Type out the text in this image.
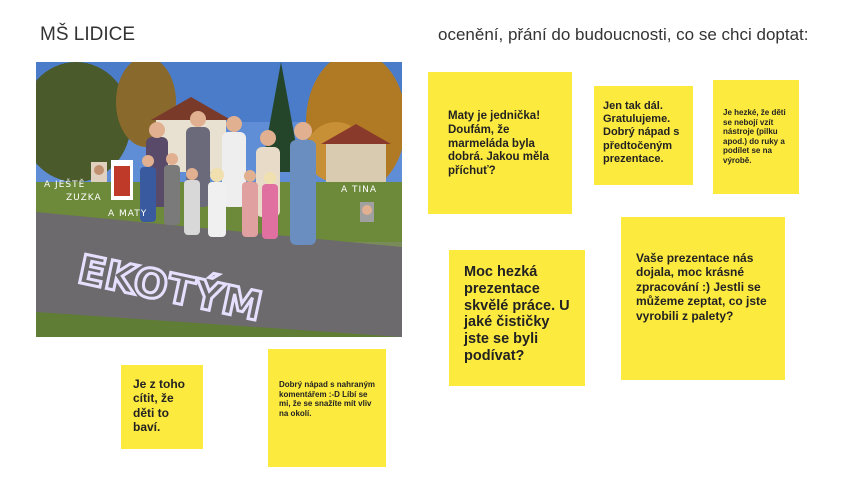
MŠ LIDICE	ocenění, přání do budoucnosti, co se chci doptat:
EKOTÝM
A JEŠTĚ
ZUZKA
A MATY
A TINA
Maty je jednička! Doufám, že marmeláda byla dobrá. Jakou měla příchuť?
Jen tak dál. Gratulujeme. Dobrý nápad s předtočeným prezentace.
Je hezké, že děti se nebojí vzít nástroje (pilku apod.) do ruky a podílet se na výrobě.
Moc hezká prezentace skvělé práce. U jaké čističky jste se byli podívat?
Vaše prezentace nás dojala, moc krásné zpracování :) Jestli se můžeme zeptat, co jste vyrobili z palety?
Je z toho cítit, že děti to baví.
Dobrý nápad s nahraným komentářem :-D Líbí se mi, že se snažíte mít vliv na okolí.
